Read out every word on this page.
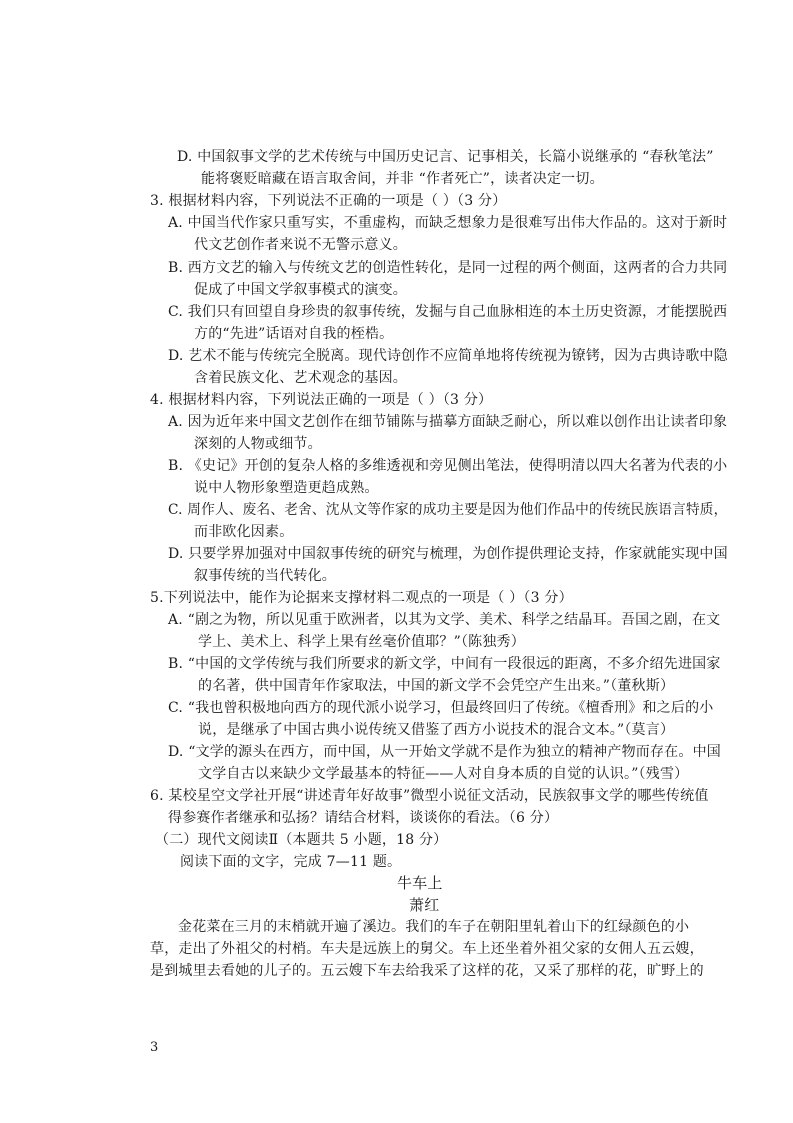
D. 中国叙事文学的艺术传统与中国历史记言、记事相关，长篇小说继承的 “春秋笔法”
能将褒贬暗藏在语言取舍间，并非 “作者死亡”，读者决定一切。
3. 根据材料内容，下列说法不正确的一项是（ ）（3 分）
A. 中国当代作家只重写实，不重虚构，而缺乏想象力是很难写出伟大作品的。这对于新时
代文艺创作者来说不无警示意义。
B. 西方文艺的输入与传统文艺的创造性转化，是同一过程的两个侧面，这两者的合力共同
促成了中国文学叙事模式的演变。
C. 我们只有回望自身珍贵的叙事传统，发掘与自己血脉相连的本土历史资源，才能摆脱西
方的“先进”话语对自我的桎梏。
D. 艺术不能与传统完全脱离。现代诗创作不应简单地将传统视为镣铐，因为古典诗歌中隐
含着民族文化、艺术观念的基因。
4. 根据材料内容，下列说法正确的一项是（ ）（3 分）
A. 因为近年来中国文艺创作在细节铺陈与描摹方面缺乏耐心，所以难以创作出让读者印象
深刻的人物或细节。
B. 《史记》开创的复杂人格的多维透视和旁见侧出笔法，使得明清以四大名著为代表的小
说中人物形象塑造更趋成熟。
C. 周作人、废名、老舍、沈从文等作家的成功主要是因为他们作品中的传统民族语言特质，
而非欧化因素。
D. 只要学界加强对中国叙事传统的研究与梳理，为创作提供理论支持，作家就能实现中国
叙事传统的当代转化。
5.下列说法中，能作为论据来支撑材料二观点的一项是（ ）（3 分）
A. “剧之为物，所以见重于欧洲者，以其为文学、美术、科学之结晶耳。吾国之剧，在文
学上、美术上、科学上果有丝毫价值耶？”（陈独秀）
B. “中国的文学传统与我们所要求的新文学，中间有一段很远的距离，不多介绍先进国家
的名著，供中国青年作家取法，中国的新文学不会凭空产生出来。”（董秋斯）
C. “我也曾积极地向西方的现代派小说学习，但最终回归了传统。《檀香刑》和之后的小
说，是继承了中国古典小说传统又借鉴了西方小说技术的混合文本。”（莫言）
D. “文学的源头在西方，而中国，从一开始文学就不是作为独立的精神产物而存在。中国
文学自古以来缺少文学最基本的特征——人对自身本质的自觉的认识。”（残雪）
6. 某校星空文学社开展“讲述青年好故事”微型小说征文活动，民族叙事文学的哪些传统值
得参赛作者继承和弘扬？请结合材料，谈谈你的看法。（6 分）
（二）现代文阅读Ⅱ（本题共 5 小题，18 分）
阅读下面的文字，完成 7—11 题。
牛车上
萧红
金花菜在三月的末梢就开遍了溪边。我们的车子在朝阳里轧着山下的红绿颜色的小
草，走出了外祖父的村梢。车夫是远族上的舅父。车上还坐着外祖父家的女佣人五云嫂，
是到城里去看她的儿子的。五云嫂下车去给我采了这样的花，又采了那样的花，旷野上的
3
